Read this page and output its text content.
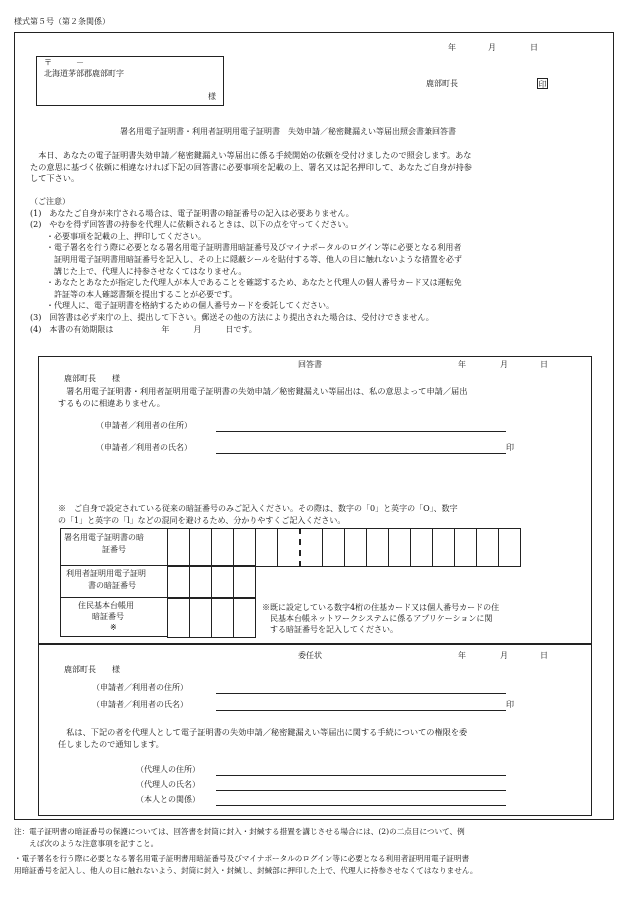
様式第５号（第２条関係）
年	月	日
〒　　　－
北海道茅部郡鹿部町字
様
鹿部町長	印
署名用電子証明書・利用者証明用電子証明書　失効申請／秘密鍵漏えい等届出照会書兼回答書
　本日、あなたの電子証明書失効申請／秘密鍵漏えい等届出に係る手続開始の依頼を受付けましたので照会します。あな
たの意思に基づく依頼に相違なければ下記の回答書に必要事項を記載の上、署名又は記名押印して、あなたご自身が持参
して下さい。
（ご注意）
(1)　あなたご自身が来庁される場合は、電子証明書の暗証番号の記入は必要ありません。
(2)　やむを得ず回答書の持参を代理人に依頼されるときは、以下の点を守ってください。
　　・必要事項を記載の上、押印してください。
　　・電子署名を行う際に必要となる署名用電子証明書用暗証番号及びマイナポータルのログイン等に必要となる利用者
　　　証明用電子証明書用暗証番号を記入し、その上に隠蔽シールを貼付する等、他人の目に触れないような措置を必ず
　　　講じた上で、代理人に持参させなくてはなりません。
　　・あなたとあなたが指定した代理人が本人であることを確認するため、あなたと代理人の個人番号カード又は運転免
　　　許証等の本人確認書類を提出することが必要です。
　　・代理人に、電子証明書を格納するための個人番号カードを委託してください。
(3)　回答書は必ず来庁の上、提出して下さい。郵送その他の方法により提出された場合は、受付けできません。
(4)　本書の有効期限は　　　　　　年　　　月　　　日です。
回答書	年	月	日
鹿部町長　　様
　署名用電子証明書・利用者証明用電子証明書の失効申請／秘密鍵漏えい等届出は、私の意思よって申請／届出
するものに相違ありません。
（申請者／利用者の住所）
（申請者／利用者の氏名）	印
※　ご自身で設定されている従来の暗証番号のみご記入ください。その際は、数字の「0」と英字の「O」、数字
の「1」と英字の「l」などの混同を避けるため、分かりやすくご記入ください。
署名用電子証明書の暗
証番号

利用者証明用電子証明
書の暗証番号

住民基本台帳用
暗証番号
※

※既に設定している数字4桁の住基カード又は個人番号カードの住
　民基本台帳ネットワークシステムに係るアプリケーションに関
　する暗証番号を記入してください。
委任状	年	月	日
鹿部町長　　様
（申請者／利用者の住所）
（申請者／利用者の氏名）	印
　私は、下記の者を代理人として電子証明書の失効申請／秘密鍵漏えい等届出に関する手続についての権限を委
任しましたので通知します。
（代理人の住所）
（代理人の氏名）
（本人との関係）
注：電子証明書の暗証番号の保護については、回答書を封筒に封入・封緘する措置を講じさせる場合には、(2)の二点目について、例
　　えば次のような注意事項を記すこと。
・電子署名を行う際に必要となる署名用電子証明書用暗証番号及びマイナポータルのログイン等に必要となる利用者証明用電子証明書
用暗証番号を記入し、他人の目に触れないよう、封筒に封入・封緘し、封緘部に押印した上で、代理人に持参させなくてはなりません。
